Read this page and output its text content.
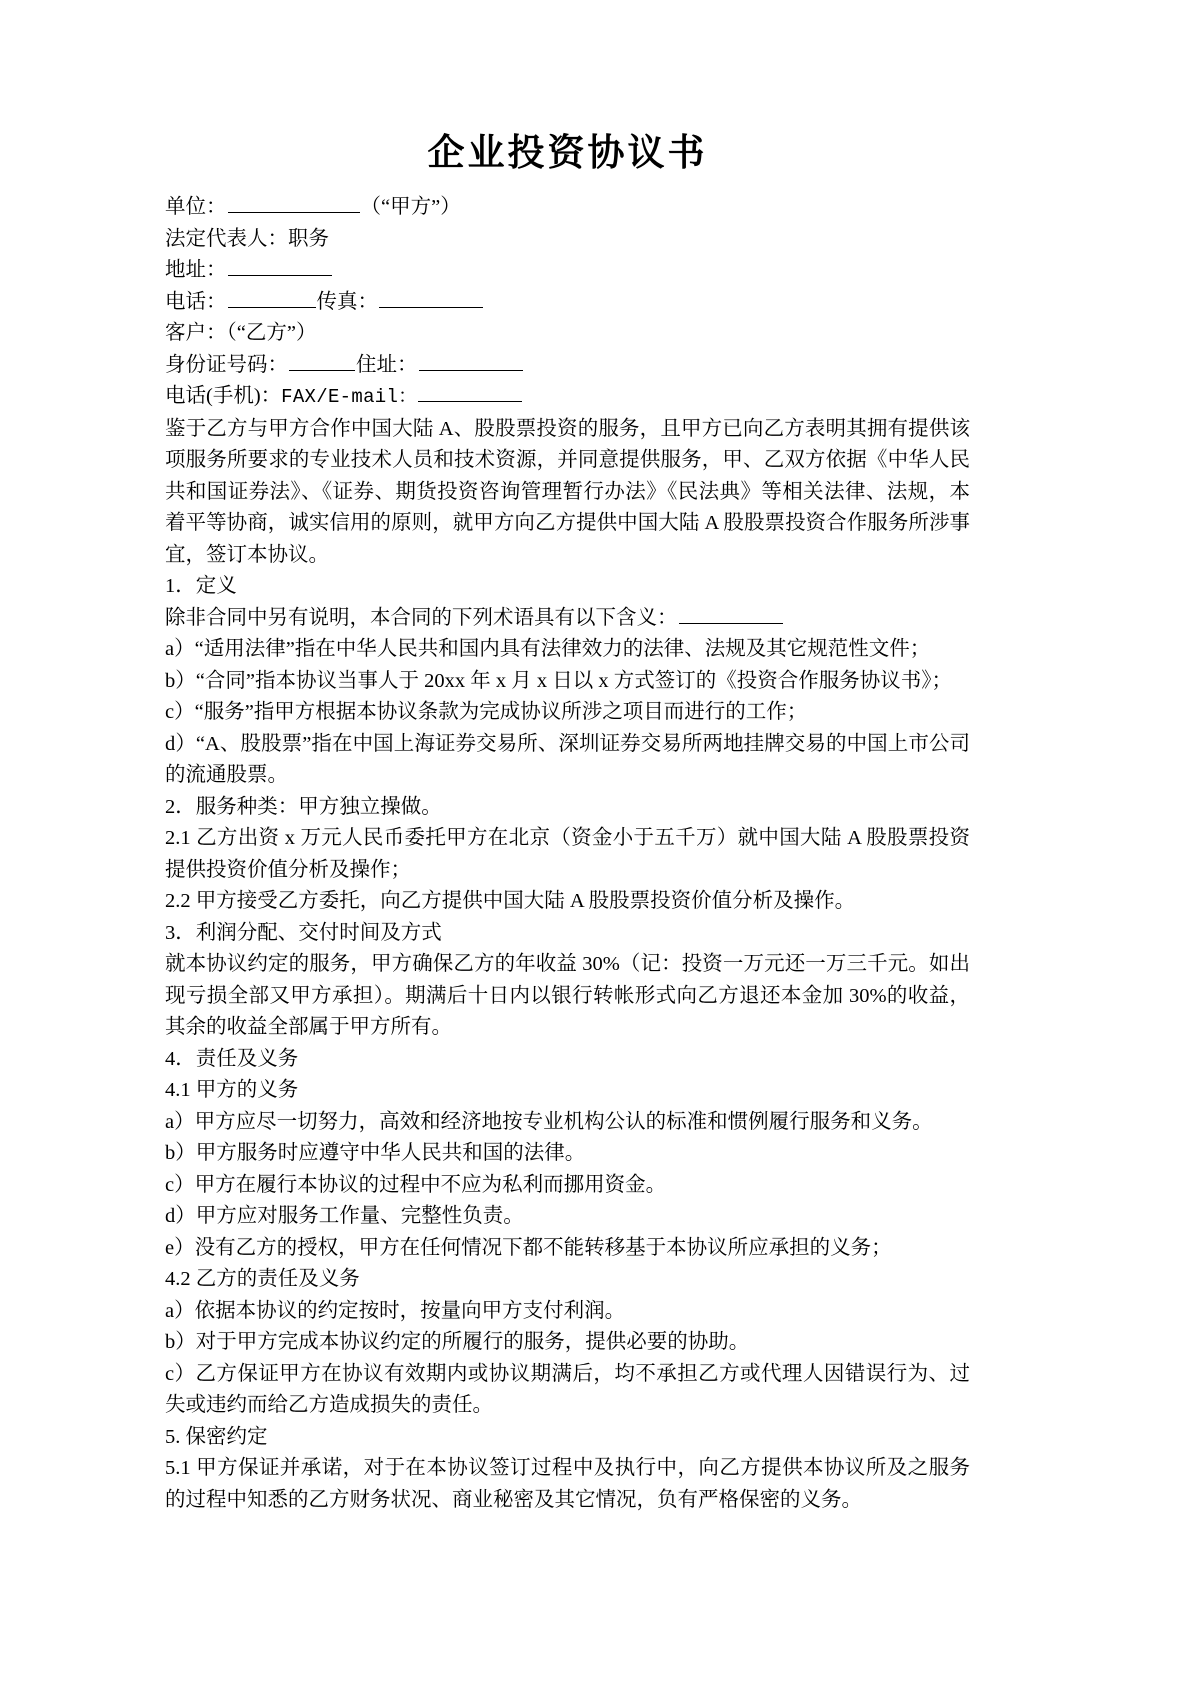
企业投资协议书

单位：	（“甲方”）

法定代表人：职务

地址：

电话：	传真：

客户：（“乙方”）

身份证号码：	住址：

电话(手机)：FAX/E-mail：

鉴于乙方与甲方合作中国大陆 A、股股票投资的服务，且甲方已向乙方表明其拥有提供该项服务所要求的专业技术人员和技术资源，并同意提供服务，甲、乙双方依据《中华人民共和国证券法》、《证券、期货投资咨询管理暂行办法》《民法典》等相关法律、法规，本着平等协商，诚实信用的原则，就甲方向乙方提供中国大陆 A 股股票投资合作服务所涉事宜，签订本协议。

1．定义

除非合同中另有说明，本合同的下列术语具有以下含义：

a）“适用法律”指在中华人民共和国内具有法律效力的法律、法规及其它规范性文件；

b）“合同”指本协议当事人于 20xx 年 x 月 x 日以 x 方式签订的《投资合作服务协议书》；

c）“服务”指甲方根据本协议条款为完成协议所涉之项目而进行的工作；

d）“A、股股票”指在中国上海证券交易所、深圳证券交易所两地挂牌交易的中国上市公司的流通股票。

2．服务种类：甲方独立操做。

2.1 乙方出资 x 万元人民币委托甲方在北京（资金小于五千万）就中国大陆 A 股股票投资提供投资价值分析及操作；

2.2 甲方接受乙方委托，向乙方提供中国大陆 A 股股票投资价值分析及操作。

3．利润分配、交付时间及方式

就本协议约定的服务，甲方确保乙方的年收益 30%（记：投资一万元还一万三千元。如出现亏损全部又甲方承担）。期满后十日内以银行转帐形式向乙方退还本金加 30%的收益，其余的收益全部属于甲方所有。

4．责任及义务

4.1 甲方的义务

a）甲方应尽一切努力，高效和经济地按专业机构公认的标准和惯例履行服务和义务。

b）甲方服务时应遵守中华人民共和国的法律。

c）甲方在履行本协议的过程中不应为私利而挪用资金。

d）甲方应对服务工作量、完整性负责。

e）没有乙方的授权，甲方在任何情况下都不能转移基于本协议所应承担的义务；

4.2 乙方的责任及义务

a）依据本协议的约定按时，按量向甲方支付利润。

b）对于甲方完成本协议约定的所履行的服务，提供必要的协助。

c）乙方保证甲方在协议有效期内或协议期满后，均不承担乙方或代理人因错误行为、过失或违约而给乙方造成损失的责任。

5. 保密约定

5.1 甲方保证并承诺，对于在本协议签订过程中及执行中，向乙方提供本协议所及之服务的过程中知悉的乙方财务状况、商业秘密及其它情况，负有严格保密的义务。
